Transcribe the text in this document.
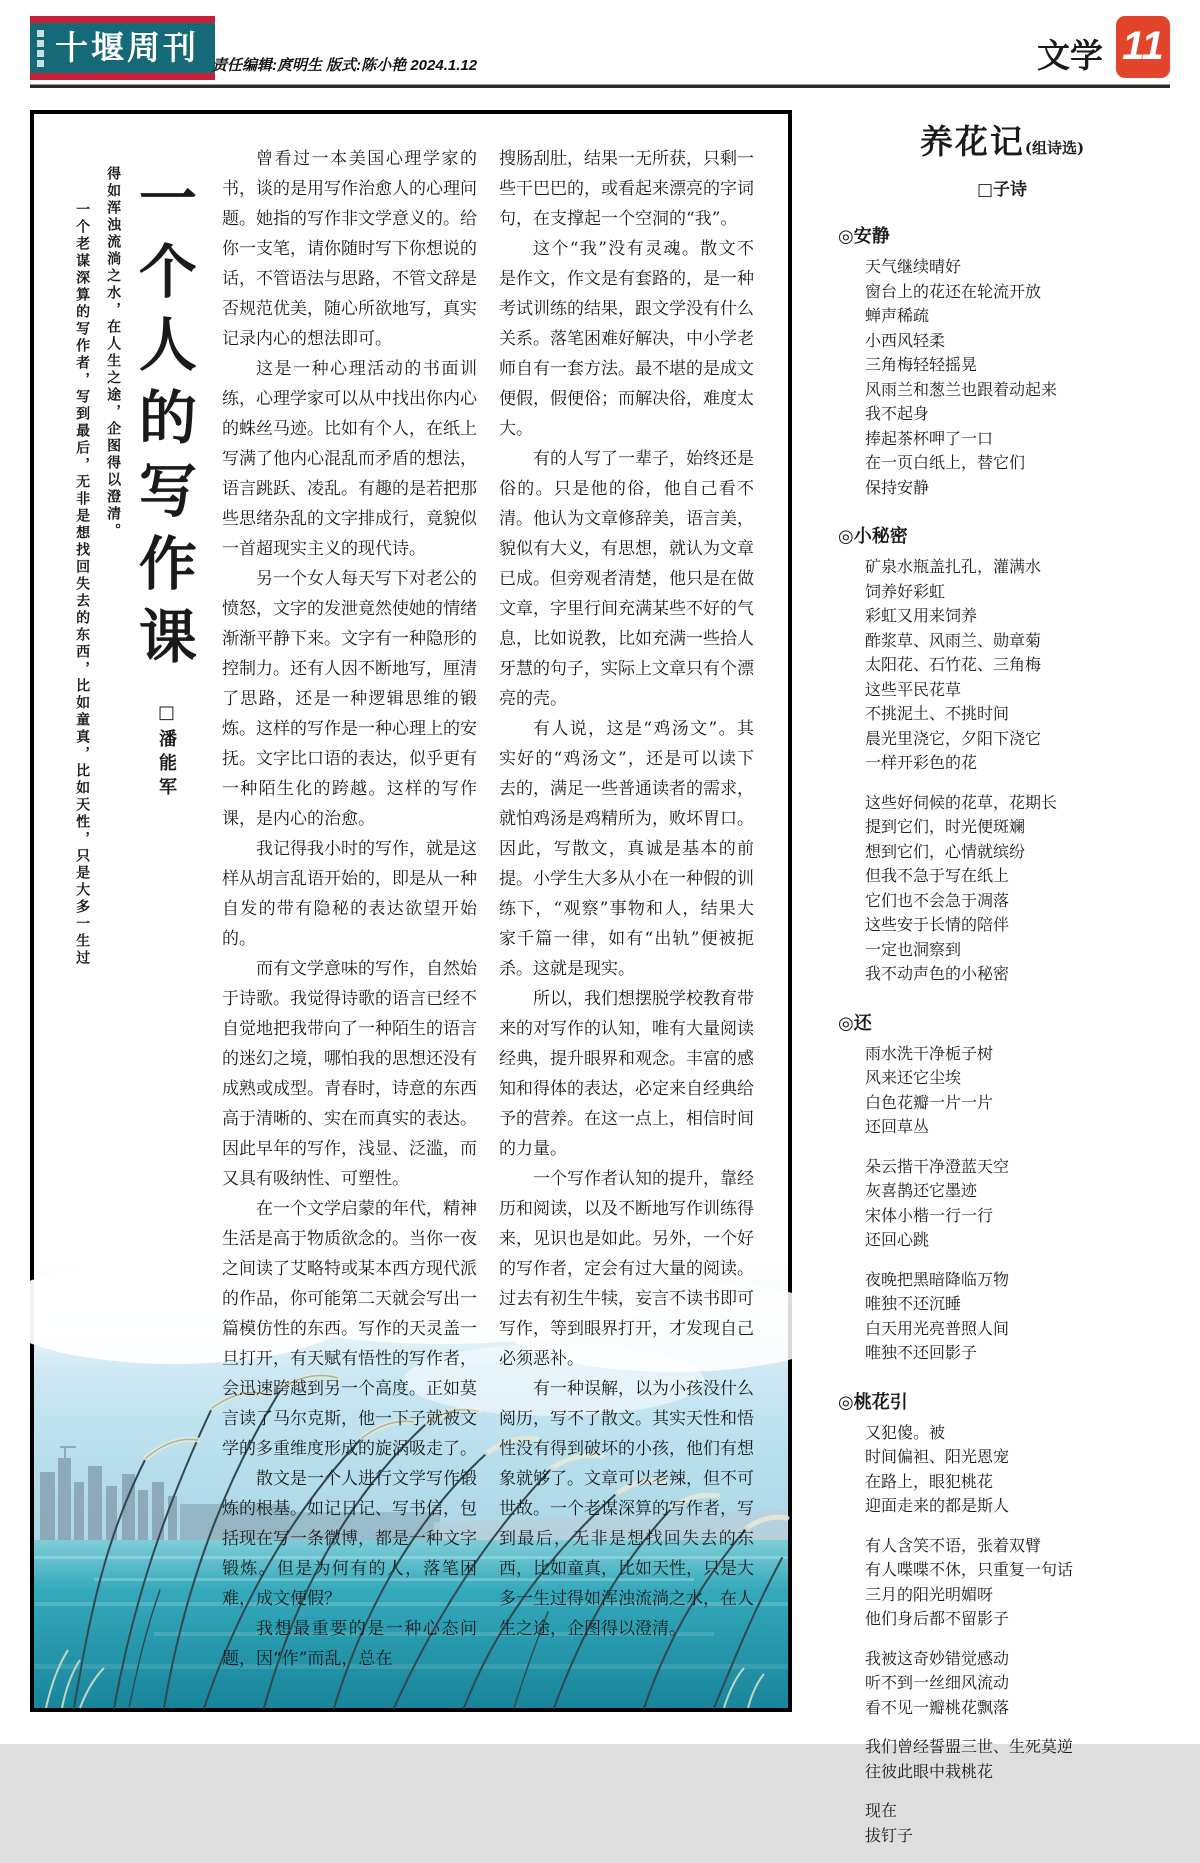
十堰周刊 责任编辑:庹明生 版式:陈小艳 2024.1.12	文学 11
一个老谋深算的写作者，写到最后，无非是想找回失去的东西，比如童真，比如天性，只是大多一生过 得如浑浊流淌之水，在人生之途，企图得以澄清。 一个人的写作课
□潘能军

曾看过一本美国心理学家的书，谈的是用写作治愈人的心理问题。她指的写作非文学意义的。给你一支笔，请你随时写下你想说的话，不管语法与思路，不管文辞是否规范优美，随心所欲地写，真实记录内心的想法即可。

这是一种心理活动的书面训练，心理学家可以从中找出你内心的蛛丝马迹。比如有个人，在纸上写满了他内心混乱而矛盾的想法，语言跳跃、凌乱。有趣的是若把那些思绪杂乱的文字排成行，竟貌似一首超现实主义的现代诗。

另一个女人每天写下对老公的愤怒，文字的发泄竟然使她的情绪渐渐平静下来。文字有一种隐形的控制力。还有人因不断地写，厘清了思路，还是一种逻辑思维的锻炼。这样的写作是一种心理上的安抚。文字比口语的表达，似乎更有一种陌生化的跨越。这样的写作课，是内心的治愈。

我记得我小时的写作，就是这样从胡言乱语开始的，即是从一种自发的带有隐秘的表达欲望开始的。

而有文学意味的写作，自然始于诗歌。我觉得诗歌的语言已经不自觉地把我带向了一种陌生的语言的迷幻之境，哪怕我的思想还没有成熟或成型。青春时，诗意的东西高于清晰的、实在而真实的表达。因此早年的写作，浅显、泛滥，而又具有吸纳性、可塑性。

在一个文学启蒙的年代，精神生活是高于物质欲念的。当你一夜之间读了艾略特或某本西方现代派的作品，你可能第二天就会写出一篇模仿性的东西。写作的天灵盖一旦打开，有天赋有悟性的写作者，会迅速跨越到另一个高度。正如莫言读了马尔克斯，他一下子就被文学的多重维度形成的旋涡吸走了。

散文是一个人进行文学写作锻炼的根基。如记日记、写书信，包括现在写一条微博，都是一种文字锻炼。但是为何有的人，落笔困难，成文便假？

我想最重要的是一种心态问题，因“作”而乱，总在

搜肠刮肚，结果一无所获，只剩一些干巴巴的，或看起来漂亮的字词句，在支撑起一个空洞的“我”。

这个“我”没有灵魂。散文不是作文，作文是有套路的，是一种考试训练的结果，跟文学没有什么关系。落笔困难好解决，中小学老师自有一套方法。最不堪的是成文便假，假便俗；而解决俗，难度太大。

有的人写了一辈子，始终还是俗的。只是他的俗，他自己看不清。他认为文章修辞美，语言美，貌似有大义，有思想，就认为文章已成。但旁观者清楚，他只是在做文章，字里行间充满某些不好的气息，比如说教，比如充满一些拾人牙慧的句子，实际上文章只有个漂亮的壳。

有人说，这是“鸡汤文”。其实好的“鸡汤文”，还是可以读下去的，满足一些普通读者的需求，就怕鸡汤是鸡精所为，败坏胃口。因此，写散文，真诚是基本的前提。小学生大多从小在一种假的训练下，“观察”事物和人，结果大家千篇一律，如有“出轨”便被扼杀。这就是现实。

所以，我们想摆脱学校教育带来的对写作的认知，唯有大量阅读经典，提升眼界和观念。丰富的感知和得体的表达，必定来自经典给予的营养。在这一点上，相信时间的力量。

一个写作者认知的提升，靠经历和阅读，以及不断地写作训练得来，见识也是如此。另外，一个好的写作者，定会有过大量的阅读。过去有初生牛犊，妄言不读书即可写作，等到眼界打开，才发现自己必须恶补。

有一种误解，以为小孩没什么阅历，写不了散文。其实天性和悟性没有得到破坏的小孩，他们有想象就够了。文章可以老辣，但不可世故。一个老谋深算的写作者，写到最后，无非是想找回失去的东西，比如童真，比如天性，只是大多一生过得如浑浊流淌之水，在人生之途，企图得以澄清。

养花记(组诗选)
□子诗
◎安静
天气继续晴好
窗台上的花还在轮流开放
蝉声稀疏
小西风轻柔
三角梅轻轻摇晃
风雨兰和葱兰也跟着动起来
我不起身
捧起茶杯呷了一口
在一页白纸上，替它们
保持安静
◎小秘密
矿泉水瓶盖扎孔，灌满水
饲养好彩虹
彩虹又用来饲养
酢浆草、风雨兰、勋章菊
太阳花、石竹花、三角梅
这些平民花草
不挑泥土、不挑时间
晨光里浇它，夕阳下浇它
一样开彩色的花
这些好伺候的花草，花期长
提到它们，时光便斑斓
想到它们，心情就缤纷
但我不急于写在纸上
它们也不会急于凋落
这些安于长情的陪伴
一定也洞察到
我不动声色的小秘密
◎还
雨水洗干净栀子树
风来还它尘埃
白色花瓣一片一片
还回草丛
朵云揩干净澄蓝天空
灰喜鹊还它墨迹
宋体小楷一行一行
还回心跳
夜晚把黑暗降临万物
唯独不还沉睡
白天用光亮普照人间
唯独不还回影子
◎桃花引
又犯傻。被
时间偏袒、阳光恩宠
在路上，眼犯桃花
迎面走来的都是斯人
有人含笑不语，张着双臂
有人喋喋不休，只重复一句话
三月的阳光明媚呀
他们身后都不留影子
我被这奇妙错觉感动
听不到一丝细风流动
看不见一瓣桃花飘落
我们曾经誓盟三世、生死莫逆
往彼此眼中栽桃花
现在
拔钉子
